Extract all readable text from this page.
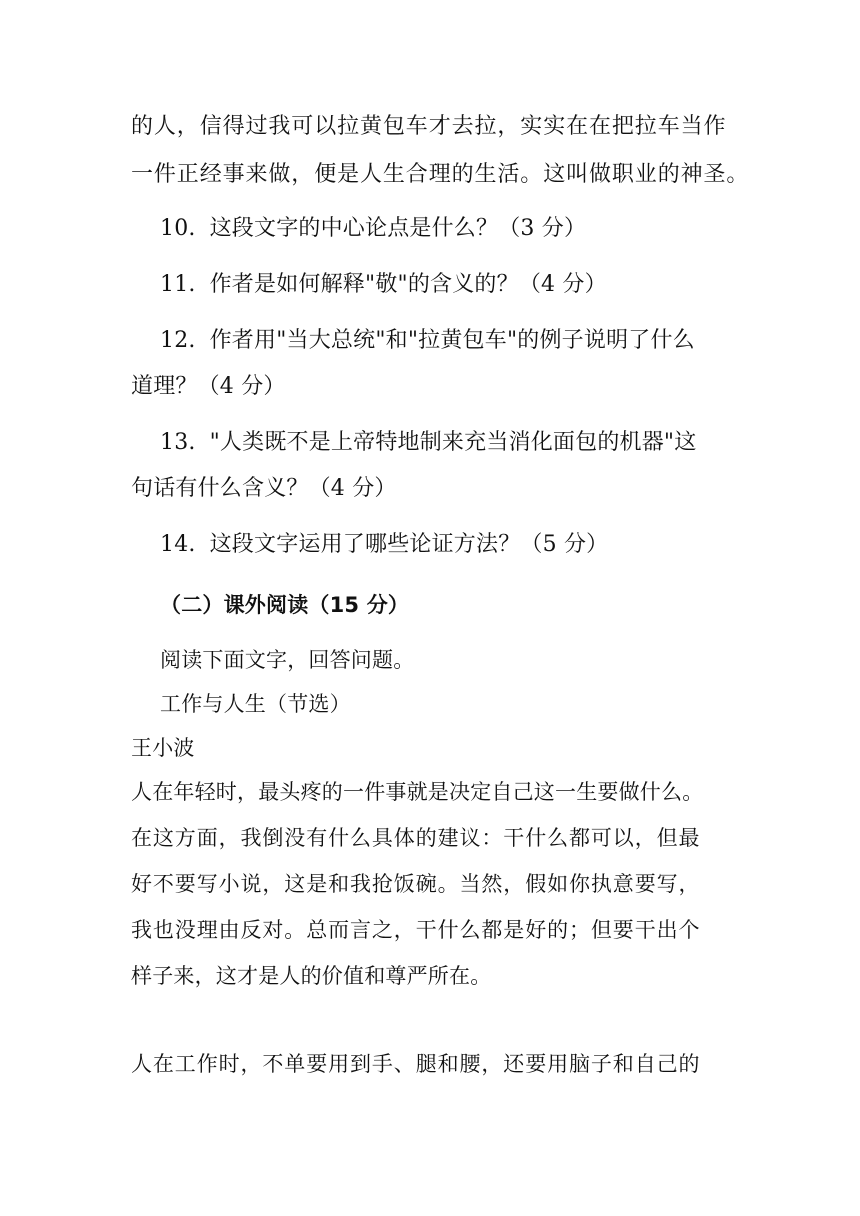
的人，信得过我可以拉黄包车才去拉，实实在在把拉车当作
一件正经事来做，便是人生合理的生活。这叫做职业的神圣。
10. 这段文字的中心论点是什么？（3 分）
11. 作者是如何解释"敬"的含义的？（4 分）
12. 作者用"当大总统"和"拉黄包车"的例子说明了什么
道理？（4 分）
13. "人类既不是上帝特地制来充当消化面包的机器"这
句话有什么含义？（4 分）
14. 这段文字运用了哪些论证方法？（5 分）
（二）课外阅读（15 分）
阅读下面文字，回答问题。
工作与人生（节选）
王小波
人在年轻时，最头疼的一件事就是决定自己这一生要做什么。
在这方面，我倒没有什么具体的建议：干什么都可以，但最
好不要写小说，这是和我抢饭碗。当然，假如你执意要写，
我也没理由反对。总而言之，干什么都是好的；但要干出个
样子来，这才是人的价值和尊严所在。
人在工作时，不单要用到手、腿和腰，还要用脑子和自己的
